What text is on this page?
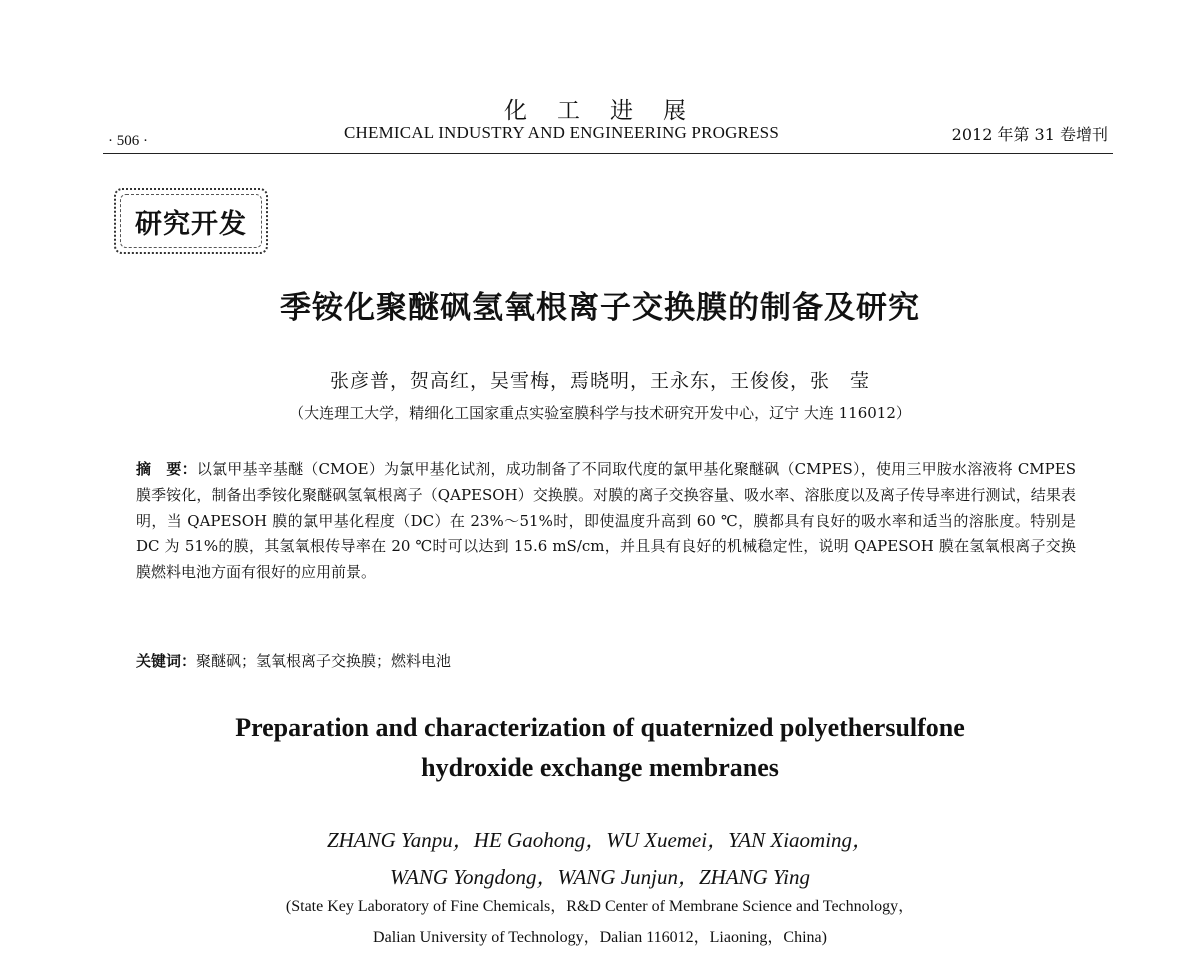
化工进展
· 506 ·	CHEMICAL INDUSTRY AND ENGINEERING PROGRESS	2012 年第 31 卷增刊
研究开发
季铵化聚醚砜氢氧根离子交换膜的制备及研究
张彦普，贺高红，吴雪梅，焉晓明，王永东，王俊俊，张　莹
（大连理工大学，精细化工国家重点实验室膜科学与技术研究开发中心，辽宁 大连 116012）
摘　要：以氯甲基辛基醚（CMOE）为氯甲基化试剂，成功制备了不同取代度的氯甲基化聚醚砜（CMPES），使用三甲胺水溶液将 CMPES 膜季铵化，制备出季铵化聚醚砜氢氧根离子（QAPESOH）交换膜。对膜的离子交换容量、吸水率、溶胀度以及离子传导率进行测试，结果表明，当 QAPESOH 膜的氯甲基化程度（DC）在 23%～51%时，即使温度升高到 60 ℃，膜都具有良好的吸水率和适当的溶胀度。特别是 DC 为 51%的膜，其氢氧根传导率在 20 ℃时可以达到 15.6 mS/cm，并且具有良好的机械稳定性，说明 QAPESOH 膜在氢氧根离子交换膜燃料电池方面有很好的应用前景。
关键词：聚醚砜；氢氧根离子交换膜；燃料电池
Preparation and characterization of quaternized polyethersulfone
hydroxide exchange membranes
ZHANG Yanpu，HE Gaohong，WU Xuemei，YAN Xiaoming，
WANG Yongdong，WANG Junjun，ZHANG Ying
(State Key Laboratory of Fine Chemicals，R&D Center of Membrane Science and Technology，
Dalian University of Technology，Dalian 116012，Liaoning，China)
